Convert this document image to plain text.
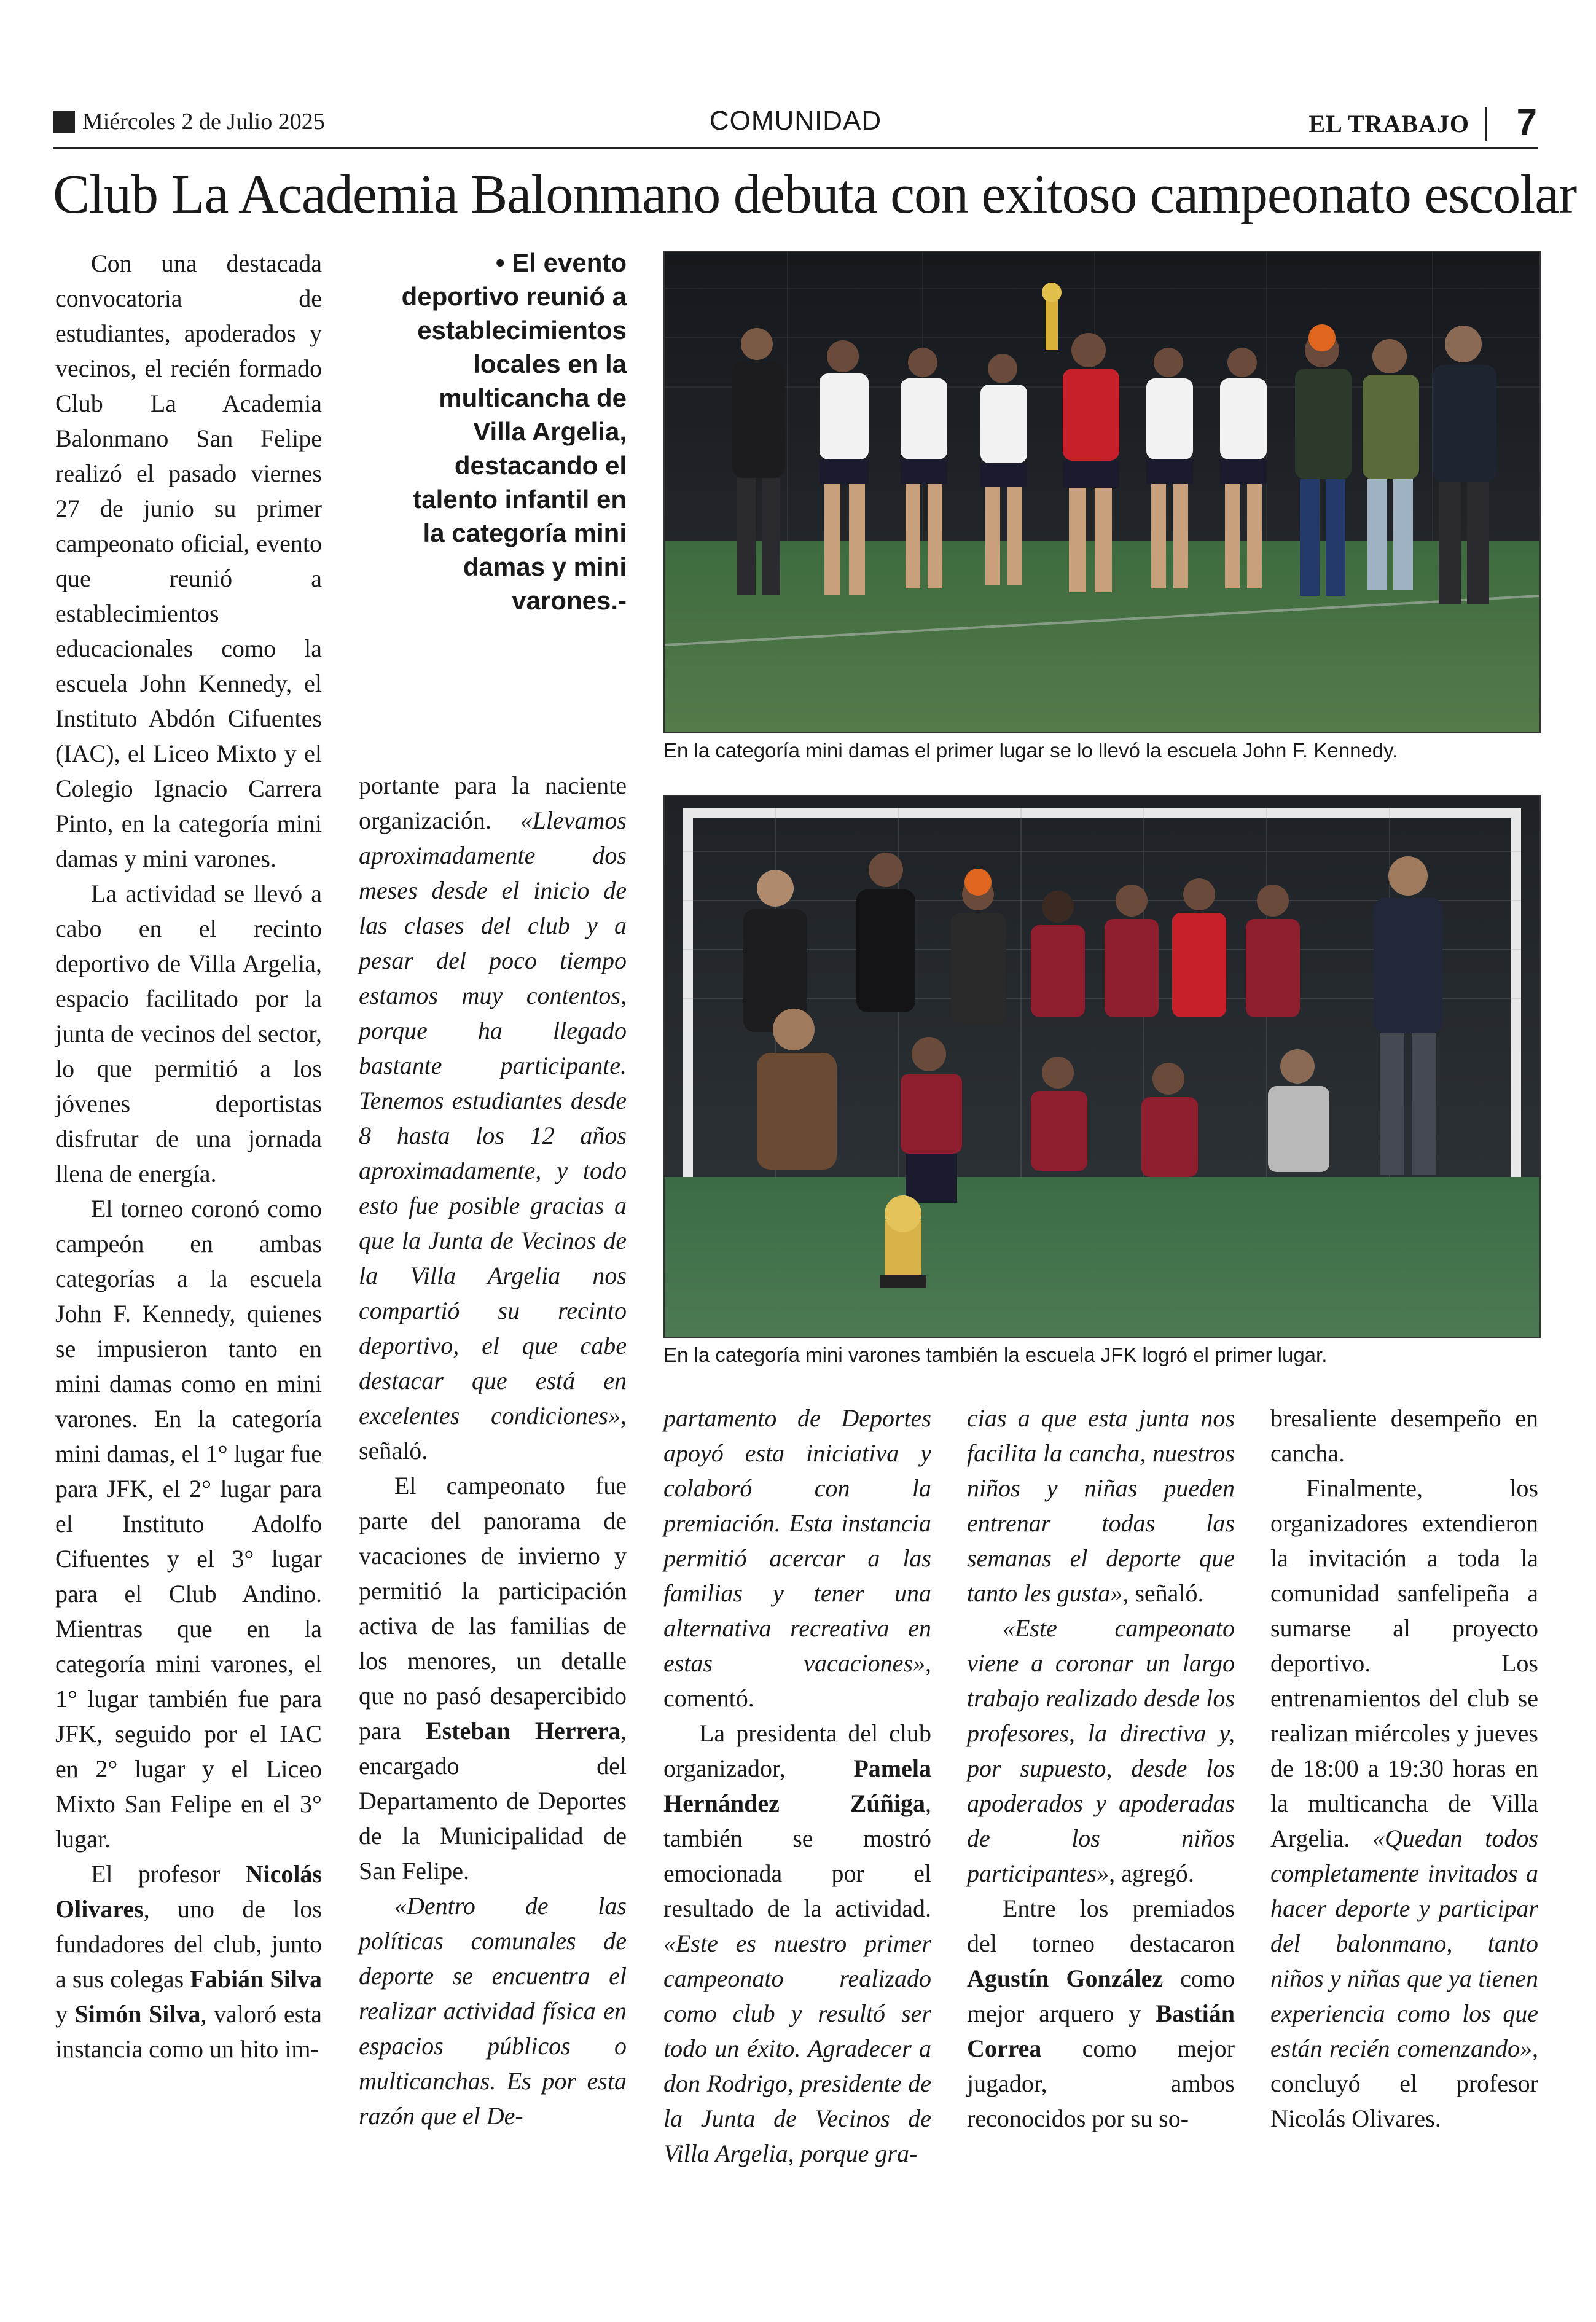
Miércoles 2 de Julio 2025	COMUNIDAD	EL TRABAJO 7
Club La Academia Balonmano debuta con exitoso campeonato escolar

Con una destacada convocatoria de estudiantes, apoderados y vecinos, el recién formado Club La Academia Balonmano San Felipe realizó el pasado viernes 27 de junio su primer campeonato oficial, evento que reunió a establecimientos educacionales como la escuela John Kennedy, el Instituto Abdón Cifuentes (IAC), el Liceo Mixto y el Colegio Ignacio Carrera Pinto, en la categoría mini damas y mini varones.

La actividad se llevó a cabo en el recinto deportivo de Villa Argelia, espacio facilitado por la junta de vecinos del sector, lo que permitió a los jóvenes deportistas disfrutar de una jornada llena de energía.

El torneo coronó como campeón en ambas categorías a la escuela John F. Kennedy, quienes se impusieron tanto en mini damas como en mini varones. En la categoría mini damas, el 1° lugar fue para JFK, el 2° lugar para el Instituto Adolfo Cifuentes y el 3° lugar para el Club Andino. Mientras que en la categoría mini varones, el 1° lugar también fue para JFK, seguido por el IAC en 2° lugar y el Liceo Mixto San Felipe en el 3° lugar.

El profesor Nicolás Olivares, uno de los fundadores del club, junto a sus colegas Fabián Silva y Simón Silva, valoró esta instancia como un hito im-

• El evento deportivo reunió a establecimientos locales en la multicancha de Villa Argelia, destacando el talento infantil en la categoría mini damas y mini varones.-

portante para la naciente organización. «Llevamos aproximadamente dos meses desde el inicio de las clases del club y a pesar del poco tiempo estamos muy contentos, porque ha llegado bastante participante. Tenemos estudiantes desde 8 hasta los 12 años aproximadamente, y todo esto fue posible gracias a que la Junta de Vecinos de la Villa Argelia nos compartió su recinto deportivo, el que cabe destacar que está en excelentes condiciones», señaló.

El campeonato fue parte del panorama de vacaciones de invierno y permitió la participación activa de las familias de los menores, un detalle que no pasó desapercibido para Esteban Herrera, encargado del Departamento de Deportes de la Municipalidad de San Felipe.

«Dentro de las políticas comunales de deporte se encuentra el realizar actividad física en espacios públicos o multicanchas. Es por esta razón que el De-

En la categoría mini damas el primer lugar se lo llevó la escuela John F. Kennedy.
En la categoría mini varones también la escuela JFK logró el primer lugar.

partamento de Deportes apoyó esta iniciativa y colaboró con la premiación. Esta instancia permitió acercar a las familias y tener una alternativa recreativa en estas vacaciones», comentó.

La presidenta del club organizador, Pamela Hernández Zúñiga, también se mostró emocionada por el resultado de la actividad. «Este es nuestro primer campeonato realizado como club y resultó ser todo un éxito. Agradecer a don Rodrigo, presidente de la Junta de Vecinos de Villa Argelia, porque gra-

cias a que esta junta nos facilita la cancha, nuestros niños y niñas pueden entrenar todas las semanas el deporte que tanto les gusta», señaló.

«Este campeonato viene a coronar un largo trabajo realizado desde los profesores, la directiva y, por supuesto, desde los apoderados y apoderadas de los niños participantes», agregó.

Entre los premiados del torneo destacaron Agustín González como mejor arquero y Bastián Correa como mejor jugador, ambos reconocidos por su so-

bresaliente desempeño en cancha.

Finalmente, los organizadores extendieron la invitación a toda la comunidad sanfelipeña a sumarse al proyecto deportivo. Los entrenamientos del club se realizan miércoles y jueves de 18:00 a 19:30 horas en la multicancha de Villa Argelia. «Quedan todos completamente invitados a hacer deporte y participar del balonmano, tanto niños y niñas que ya tienen experiencia como los que están recién comenzando», concluyó el profesor Nicolás Olivares.
